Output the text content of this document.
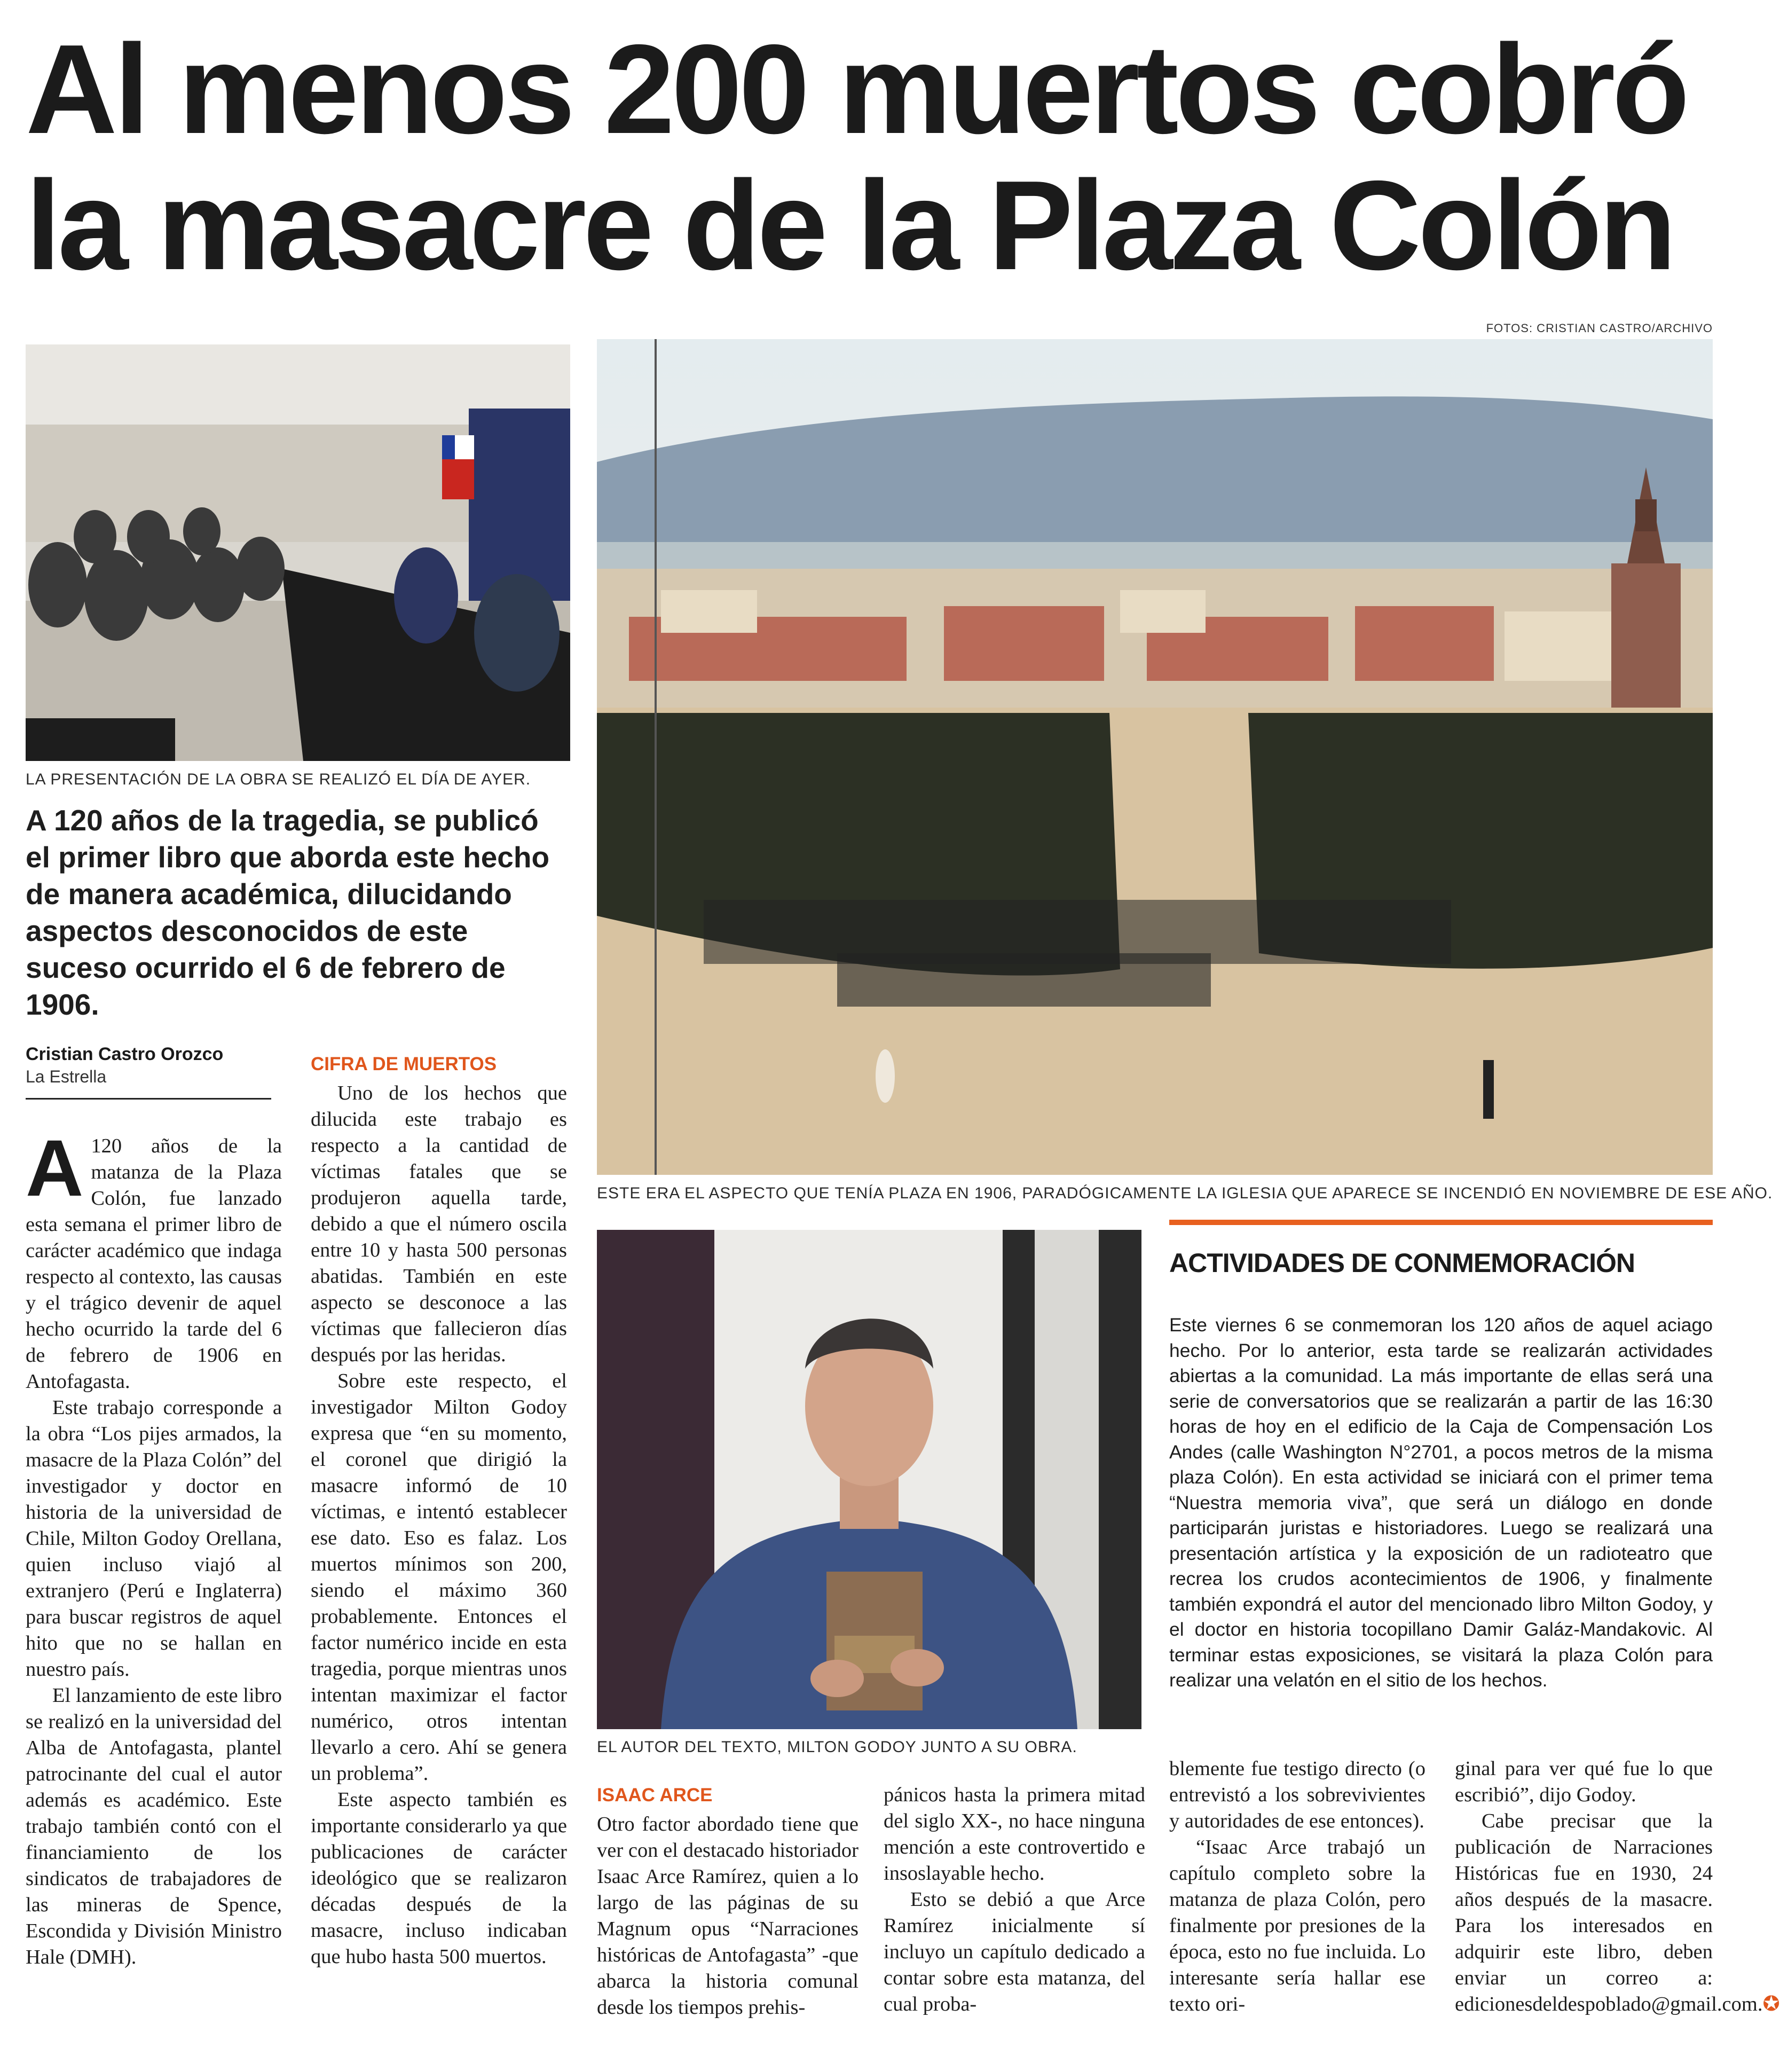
Al menos 200 muertos cobró
la masacre de la Plaza Colón
FOTOS: CRISTIAN CASTRO/ARCHIVO
LA PRESENTACIÓN DE LA OBRA SE REALIZÓ EL DÍA DE AYER.
ESTE ERA EL ASPECTO QUE TENÍA PLAZA EN 1906, PARADÓGICAMENTE LA IGLESIA QUE APARECE SE INCENDIÓ EN NOVIEMBRE DE ESE AÑO.
EL AUTOR DEL TEXTO, MILTON GODOY JUNTO A SU OBRA.
A 120 años de la tragedia, se publicó el primer libro que aborda este hecho de manera académica, dilucidando aspectos desconocidos de este suceso ocurrido el 6 de febrero de 1906.
Cristian Castro Orozco
La Estrella

A 120 años de la matanza de la Plaza Colón, fue lanzado esta semana el primer libro de carácter académico que indaga respecto al contexto, las causas y el trágico devenir de aquel hecho ocurrido la tarde del 6 de febrero de 1906 en Antofagasta.

Este trabajo corresponde a la obra “Los pijes armados, la masacre de la Plaza Colón” del investigador y doctor en historia de la universidad de Chile, Milton Godoy Orellana, quien incluso viajó al extranjero (Perú e Inglaterra) para buscar registros de aquel hito que no se hallan en nuestro país.

El lanzamiento de este libro se realizó en la universidad del Alba de Antofagasta, plantel patrocinante del cual el autor además es académico. Este trabajo también contó con el financiamiento de los sindicatos de trabajadores de las mineras de Spence, Escondida y División Ministro Hale (DMH).

CIFRA DE MUERTOS

Uno de los hechos que dilucida este trabajo es respecto a la cantidad de víctimas fatales que se produjeron aquella tarde, debido a que el número oscila entre 10 y hasta 500 personas abatidas. También en este aspecto se desconoce a las víctimas que fallecieron días después por las heridas.

Sobre este respecto, el investigador Milton Godoy expresa que “en su momento, el coronel que dirigió la masacre informó de 10 víctimas, e intentó establecer ese dato. Eso es falaz. Los muertos mínimos son 200, siendo el máximo 360 probablemente. Entonces el factor numérico incide en esta tragedia, porque mientras unos intentan maximizar el factor numérico, otros intentan llevarlo a cero. Ahí se genera un problema”.

Este aspecto también es importante considerarlo ya que publicaciones de carácter ideológico que se realizaron décadas después de la masacre, incluso indicaban que hubo hasta 500 muertos.

ISAAC ARCE

Otro factor abordado tiene que ver con el destacado historiador Isaac Arce Ramírez, quien a lo largo de las páginas de su Magnum opus “Narraciones históricas de Antofagasta” -que abarca la historia comunal desde los tiempos prehis-

pánicos hasta la primera mitad del siglo XX-, no hace ninguna mención a este controvertido e insoslayable hecho.

Esto se debió a que Arce Ramírez inicialmente sí incluyo un capítulo dedicado a contar sobre esta matanza, del cual proba-

blemente fue testigo directo (o entrevistó a los sobrevivientes y autoridades de ese entonces).

“Isaac Arce trabajó un capítulo completo sobre la matanza de plaza Colón, pero finalmente por presiones de la época, esto no fue incluida. Lo interesante sería hallar ese texto ori-

ginal para ver qué fue lo que escribió”, dijo Godoy.

Cabe precisar que la publicación de Narraciones Históricas fue en 1930, 24 años después de la masacre. Para los interesados en adquirir este libro, deben enviar un correo a: edicionesdeldespoblado@gmail.com.✪

ACTIVIDADES DE CONMEMORACIÓN
Este viernes 6 se conmemoran los 120 años de aquel aciago hecho. Por lo anterior, esta tarde se realizarán actividades abiertas a la comunidad. La más importante de ellas será una serie de conversatorios que se realizarán a partir de las 16:30 horas de hoy en el edificio de la Caja de Compensación Los Andes (calle Washington N°2701, a pocos metros de la misma plaza Colón). En esta actividad se iniciará con el primer tema “Nuestra memoria viva”, que será un diálogo en donde participarán juristas e historiadores. Luego se realizará una presentación artística y la exposición de un radioteatro que recrea los crudos acontecimientos de 1906, y finalmente también expondrá el autor del mencionado libro Milton Godoy, y el doctor en historia tocopillano Damir Galáz-Mandakovic. Al terminar estas exposiciones, se visitará la plaza Colón para realizar una velatón en el sitio de los hechos.
